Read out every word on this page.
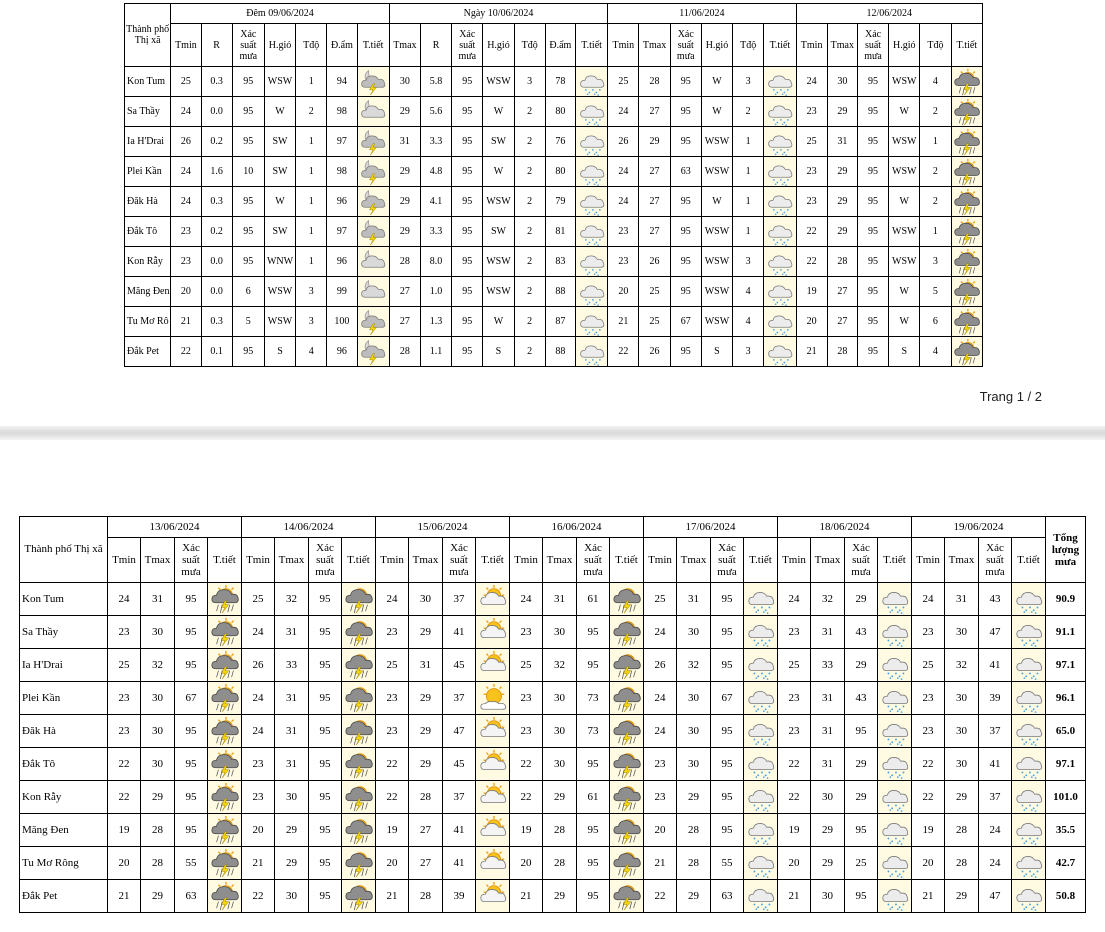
Thành phố Thị xã	Đêm 09/06/2024							Ngày 10/06/2024							11/06/2024						12/06/2024					
	Tmin	R	Xác suất mưa	H.gió	Tđộ	Đ.ẩm	T.tiết	Tmax	R	Xác suất mưa	H.gió	Tđộ	Đ.ẩm	T.tiết	Tmin	Tmax	Xác suất mưa	H.gió	Tđộ	T.tiết	Tmin	Tmax	Xác suất mưa	H.gió	Tđộ	T.tiết
Kon Tum	25	0.3	95	WSW	1	94		30	5.8	95	WSW	3	78		25	28	95	W	3		24	30	95	WSW	4	

Sa Thầy	24	0.0	95	W	2	98		29	5.6	95	W	2	80		24	27	95	W	2		23	29	95	W	2	

Ia H'Drai	26	0.2	95	SW	1	97		31	3.3	95	SW	2	76		26	29	95	WSW	1		25	31	95	WSW	1	

Plei Kần	24	1.6	10	SW	1	98		29	4.8	95	W	2	80		24	27	63	WSW	1		23	29	95	WSW	2	

Đăk Hà	24	0.3	95	W	1	96		29	4.1	95	WSW	2	79		24	27	95	W	1		23	29	95	W	2	

Đắk Tô	23	0.2	95	SW	1	97		29	3.3	95	SW	2	81		23	27	95	WSW	1		22	29	95	WSW	1	

Kon Rẫy	23	0.0	95	WNW	1	96		28	8.0	95	WSW	2	83		23	26	95	WSW	3		22	28	95	WSW	3	

Măng Đen	20	0.0	6	WSW	3	99		27	1.0	95	WSW	2	88		20	25	95	WSW	4		19	27	95	W	5	

Tu Mơ Rô	21	0.3	5	WSW	3	100		27	1.3	95	W	2	87		21	25	67	WSW	4		20	27	95	W	6	

Đắk Pet	22	0.1	95	S	4	96		28	1.1	95	S	2	88		22	26	95	S	3		21	28	95	S	4	
Trang 1 / 2
Thành phố Thị xã	13/06/2024				14/06/2024				15/06/2024				16/06/2024				17/06/2024				18/06/2024				19/06/2024				Tổng lượng mưa
	Tmin	Tmax	Xác suất mưa	T.tiết	Tmin	Tmax	Xác suất mưa	T.tiết	Tmin	Tmax	Xác suất mưa	T.tiết	Tmin	Tmax	Xác suất mưa	T.tiết	Tmin	Tmax	Xác suất mưa	T.tiết	Tmin	Tmax	Xác suất mưa	T.tiết	Tmin	Tmax	Xác suất mưa	T.tiết	
Kon Tum	24	31	95		25	32	95		24	30	37		24	31	61		25	31	95		24	32	29		24	31	43		90.9
Sa Thầy	23	30	95		24	31	95		23	29	41		23	30	95		24	30	95		23	31	43		23	30	47		91.1
Ia H'Drai	25	32	95		26	33	95		25	31	45		25	32	95		26	32	95		25	33	29		25	32	41		97.1
Plei Kần	23	30	67		24	31	95		23	29	37		23	30	73		24	30	67		23	31	43		23	30	39		96.1
Đăk Hà	23	30	95		24	31	95		23	29	47		23	30	73		24	30	95		23	31	95		23	30	37		65.0
Đắk Tô	22	30	95		23	31	95		22	29	45		22	30	95		23	30	95		22	31	29		22	30	41		97.1
Kon Rẫy	22	29	95		23	30	95		22	28	37		22	29	61		23	29	95		22	30	29		22	29	37		101.0
Măng Đen	19	28	95		20	29	95		19	27	41		19	28	95		20	28	95		19	29	95		19	28	24		35.5
Tu Mơ Rông	20	28	55		21	29	95		20	27	41		20	28	95		21	28	55		20	29	25		20	28	24		42.7
Đắk Pet	21	29	63		22	30	95		21	28	39		21	29	95		22	29	63		21	30	95		21	29	47		50.8
